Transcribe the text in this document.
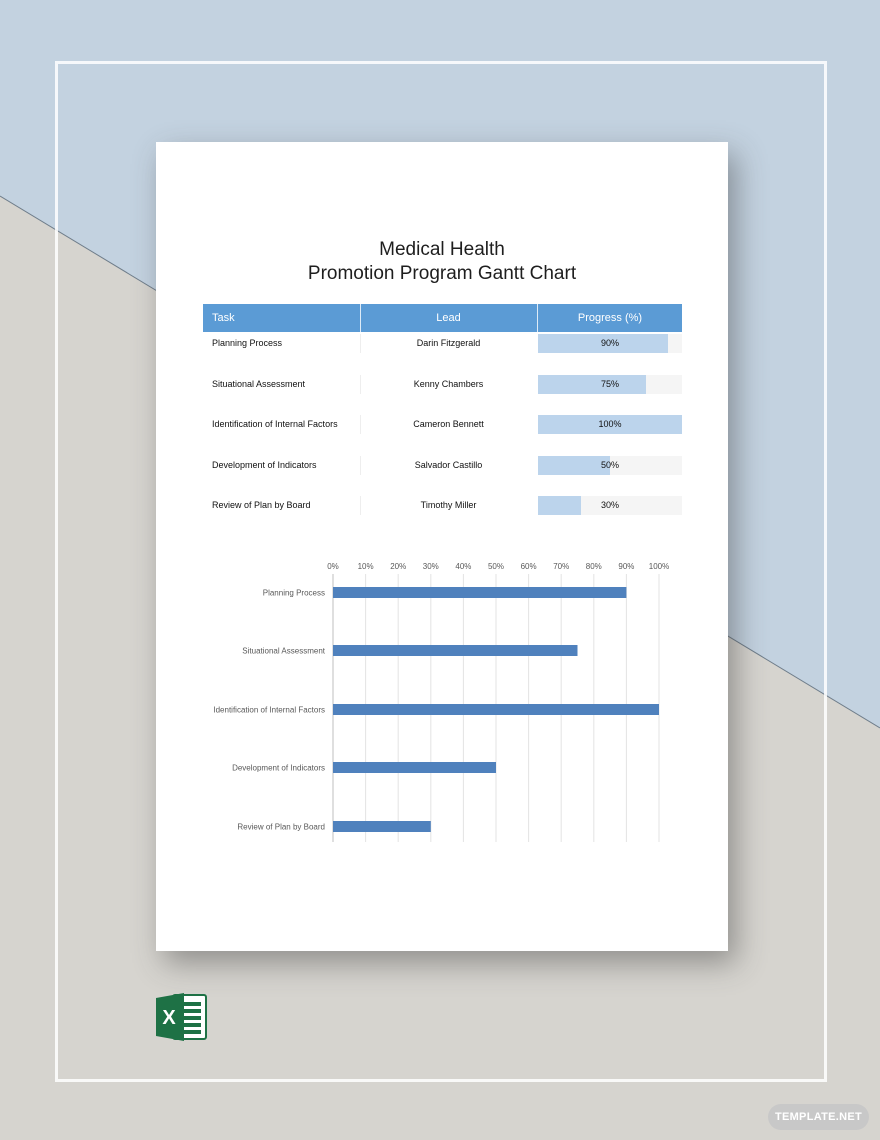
Medical Health
Promotion Program Gantt Chart
Task	Lead	Progress (%)
Planning Process	Darin Fitzgerald	90%
Situational Assessment	Kenny Chambers	75%
Identification of Internal Factors	Cameron Bennett	100%
Development of Indicators	Salvador Castillo	50%
Review of Plan by Board	Timothy Miller	30%
0% 10% 20% 30% 40% 50% 60% 70% 80% 90% 100%
Planning Process
Situational Assessment
Identification of Internal Factors
Development of Indicators
Review of Plan by Board
X
TEMPLATE.NET
